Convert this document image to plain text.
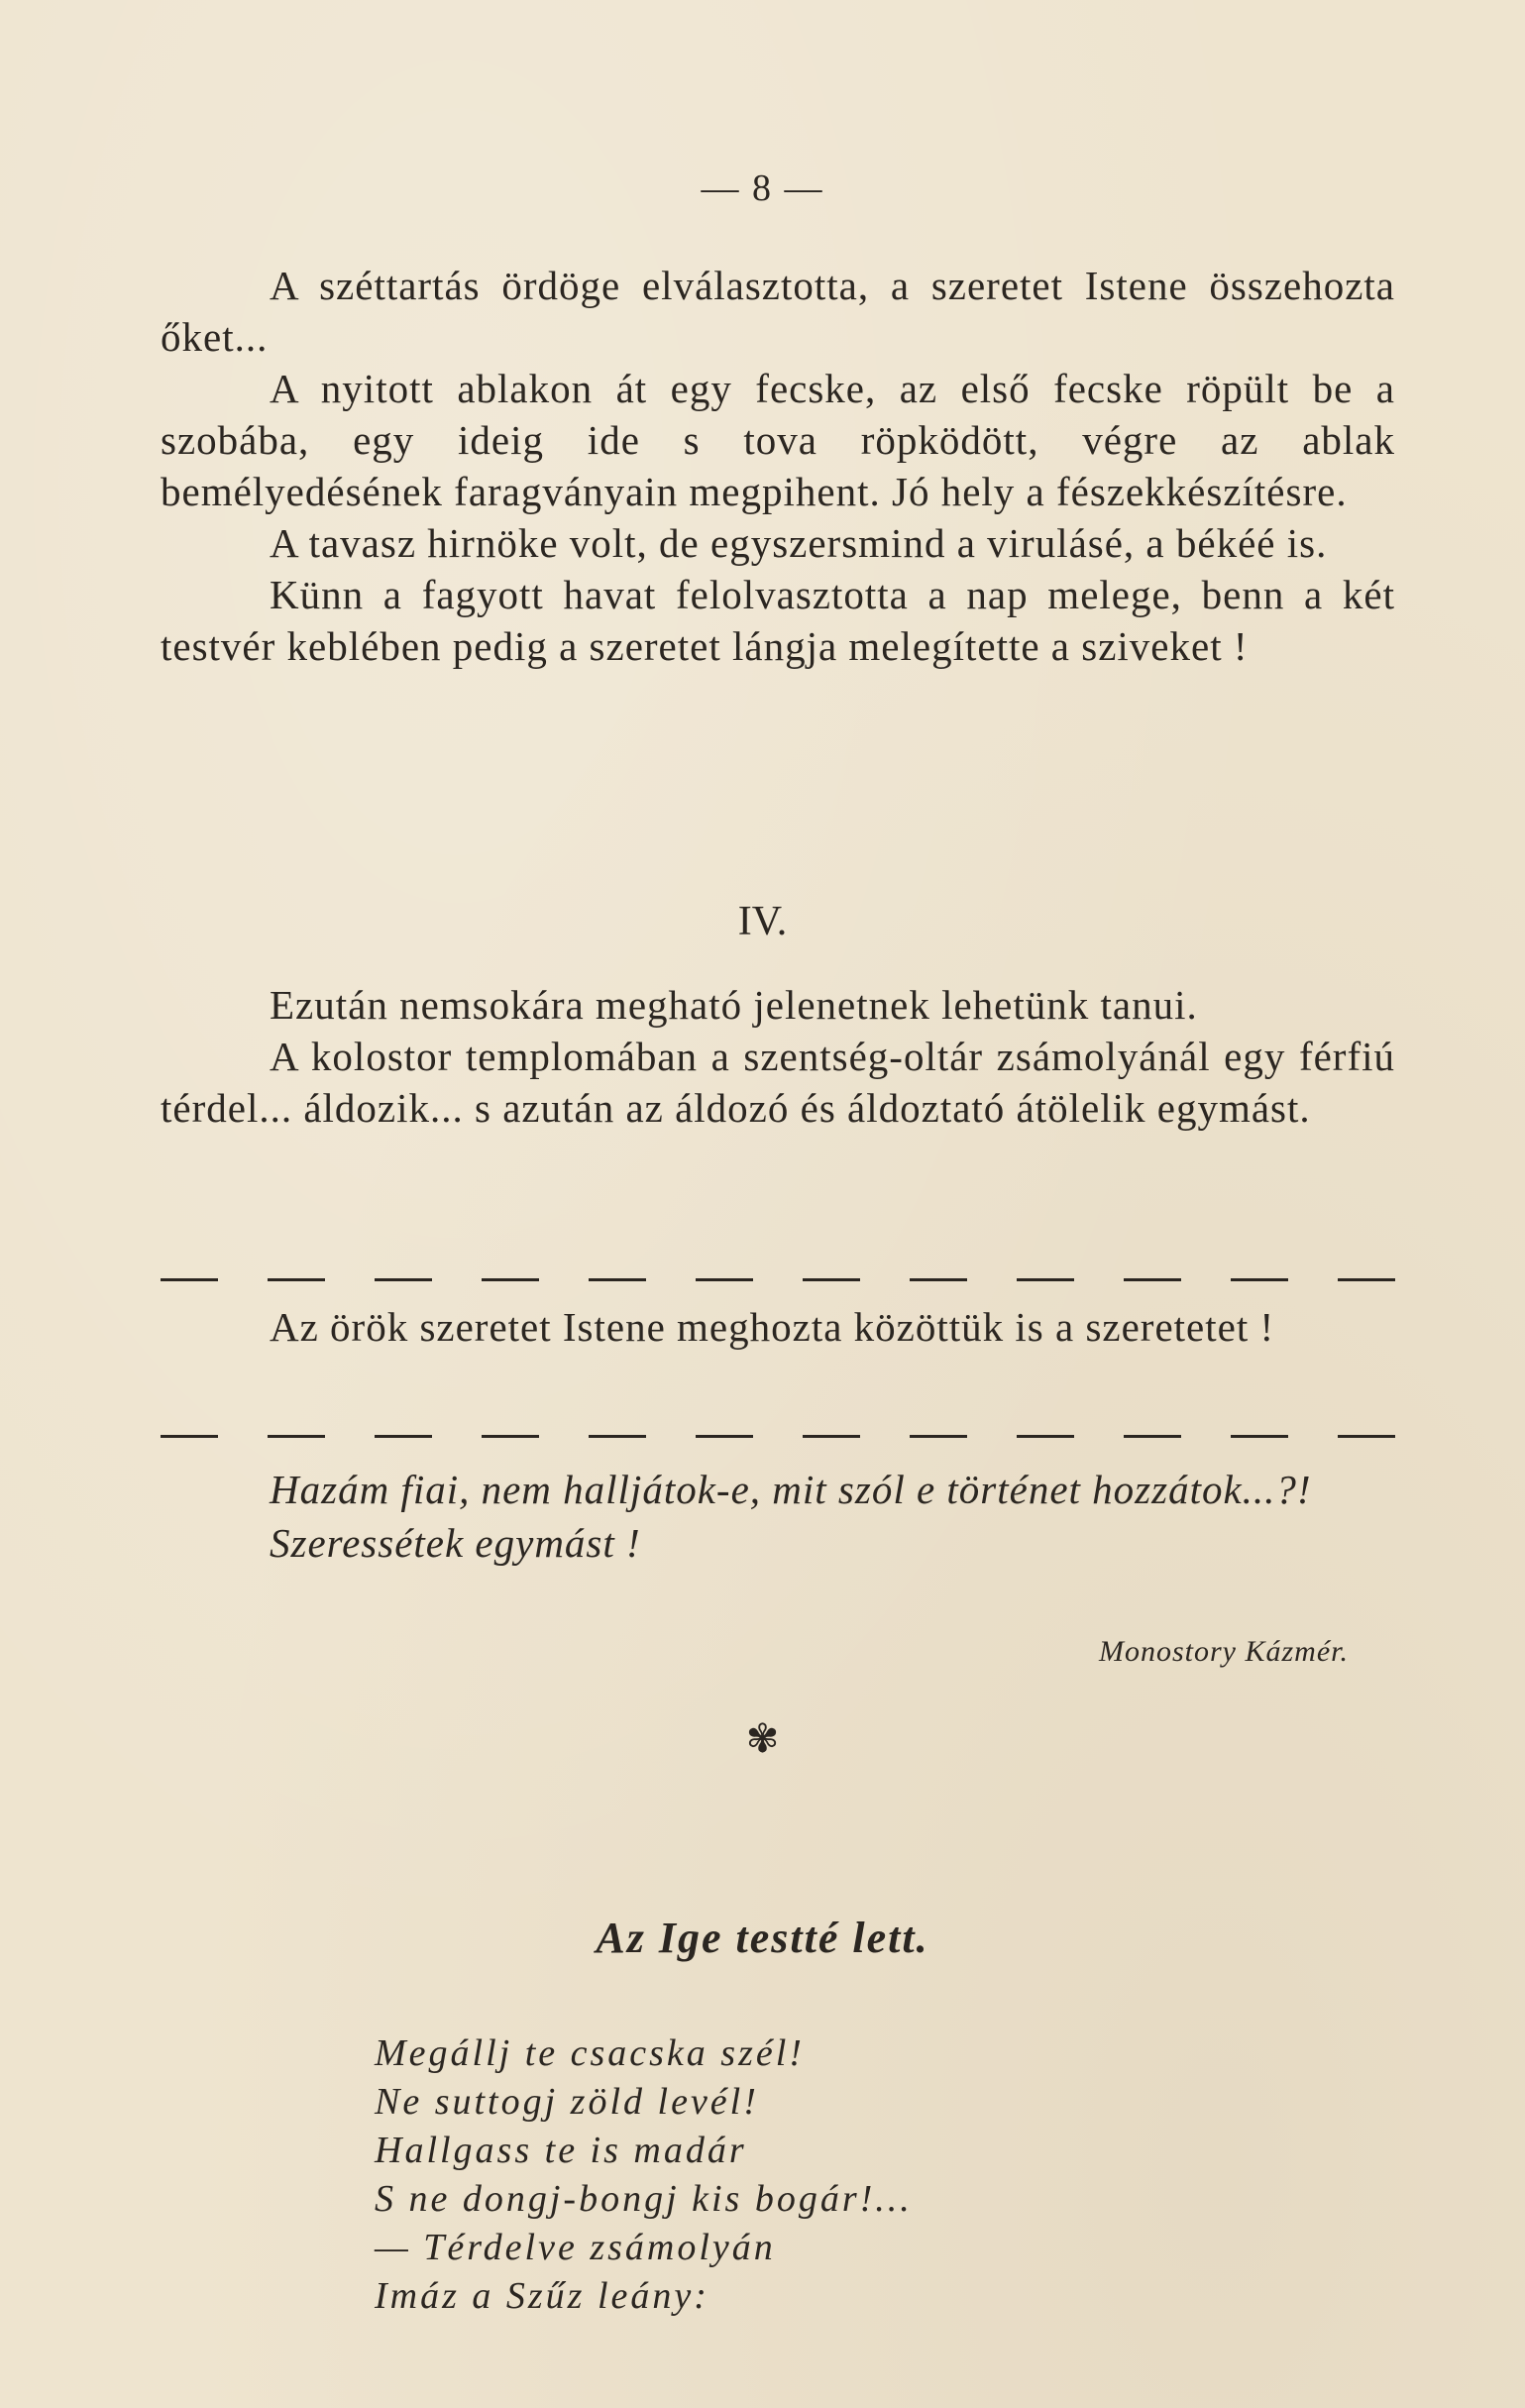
— 8 —

A széttartás ördöge elválasztotta, a szeretet Istene összehozta őket...

A nyitott ablakon át egy fecske, az első fecske röpült be a szobába, egy ideig ide s tova röpködött, végre az ablak bemélyedésének faragványain megpihent. Jó hely a fészekkészítésre.

A tavasz hirnöke volt, de egyszersmind a virulásé, a békéé is.

Künn a fagyott havat felolvasztotta a nap melege, benn a két testvér keblében pedig a szeretet lángja melegítette a sziveket !

IV.

Ezután nemsokára megható jelenetnek lehetünk tanui.

A kolostor templomában a szentség-oltár zsámolyánál egy férfiú térdel... áldozik... s azután az áldozó és áldoztató átölelik egymást.

Az örök szeretet Istene meghozta közöttük is a szeretetet !

Hazám fiai, nem halljátok-e, mit szól e történet hozzátok...?!

Szeressétek egymást !

Monostory Kázmér.
✾
Az Ige testté lett.
Megállj te csacska szél!
Ne suttogj zöld levél!
Hallgass te is madár
S ne dongj-bongj kis bogár!...
— Térdelve zsámolyán
Imáz a Szűz leány:
